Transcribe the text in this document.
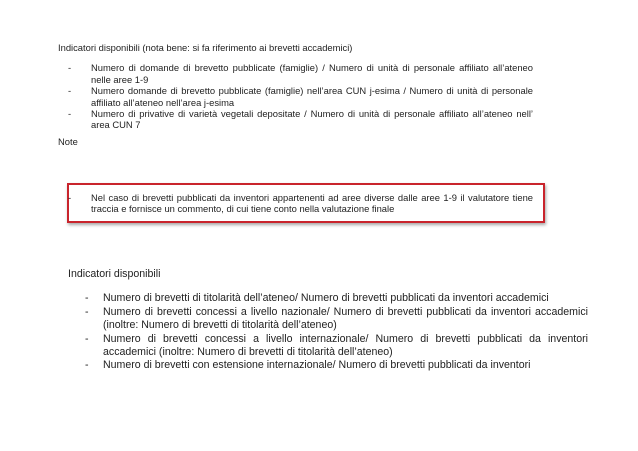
Indicatori disponibili (nota bene: si fa riferimento ai brevetti accademici)

- Numero di domande di brevetto pubblicate (famiglie) / Numero di unità di personale affiliato all’ateneo nelle aree 1-9
- Numero domande di brevetto pubblicate (famiglie) nell’area CUN j-esima / Numero di unità di personale affiliato all’ateneo nell’area j-esima
- Numero di privative di varietà vegetali depositate / Numero di unità di personale affiliato all’ateneo nell’ area CUN 7

Note

- Nel caso di brevetti pubblicati da inventori appartenenti ad aree diverse dalle aree 1-9 il valutatore tiene traccia e fornisce un commento, di cui tiene conto nella valutazione finale

Indicatori disponibili

- Numero di brevetti di titolarità dell’ateneo/ Numero di brevetti pubblicati da inventori accademici
- Numero di brevetti concessi a livello nazionale/ Numero di brevetti pubblicati da inventori accademici (inoltre: Numero di brevetti di titolarità dell’ateneo)
- Numero di brevetti concessi a livello internazionale/ Numero di brevetti pubblicati da inventori accademici (inoltre: Numero di brevetti di titolarità dell’ateneo)
- Numero di brevetti con estensione internazionale/ Numero di brevetti pubblicati da inventori
